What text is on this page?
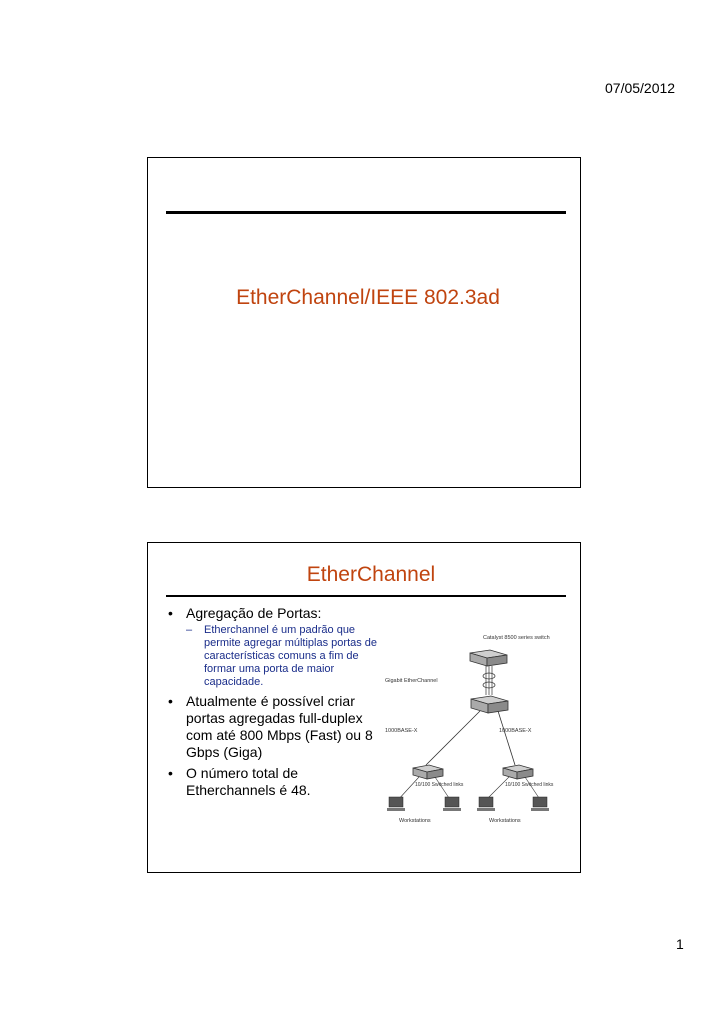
07/05/2012
EtherChannel/IEEE 802.3ad
EtherChannel
• Agregação de Portas:
– Etherchannel é um padrão que permite agregar múltiplas portas de características comuns a fim de formar uma porta de maior capacidade.
• Atualmente é possível criar portas agregadas full-duplex com até 800 Mbps (Fast) ou 8 Gbps (Giga)
• O número total de Etherchannels é 48.
Catalyst 8500 series switch
Gigabit EtherChannel
1000BASE-X	1000BASE-X
10/100 Switched links	10/100 Switched links
Workstations	Workstations
1
